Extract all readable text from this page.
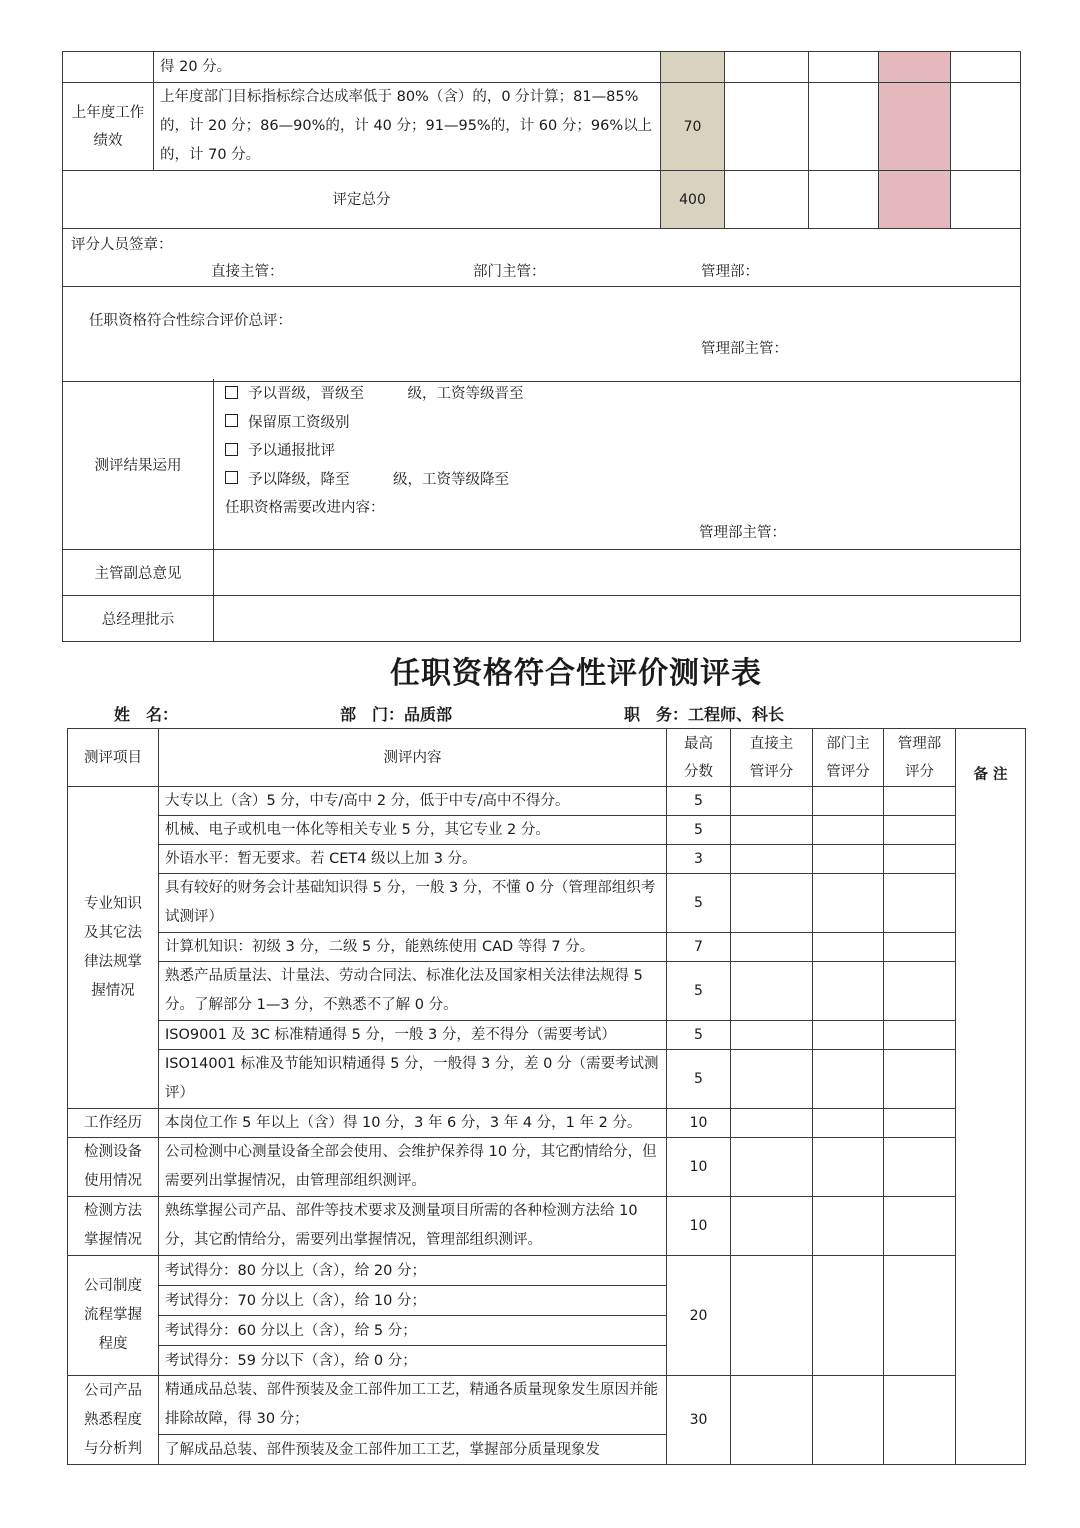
	得 20 分。					
上年度工作绩效	上年度部门目标指标综合达成率低于 80%（含）的，0 分计算；81—85%的，计 20 分；86—90%的，计 40 分；91—95%的，计 60 分；96%以上的，计 70 分。	70				
评定总分		400				

评分人员签章：
直接主管： 部门主管： 管理部：						

任职资格符合性综合评价总评：
管理部主管：						

测评结果运用
予以晋级，晋级至　　　级，工资等级晋至
保留原工资级别
予以通报批评
予以降级，降至　　　级，工资等级降至
任职资格需要改进内容：
管理部主管：
主管副总意见
总经理批示
任职资格符合性评价测评表
姓　名：	部　门：品质部	职　务：工程师、科长
测评项目	测评内容	最高分数	直接主管评分	部门主管评分	管理部评分	备 注

专业知识及其它法律法规掌握情况	大专以上（含）5 分，中专/高中 2 分，低于中专/高中不得分。	5				
	机械、电子或机电一体化等相关专业 5 分，其它专业 2 分。	5				
	外语水平：暂无要求。若 CET4 级以上加 3 分。	3				
	具有较好的财务会计基础知识得 5 分，一般 3 分，不懂 0 分（管理部组织考试测评）	5				
	计算机知识：初级 3 分，二级 5 分，能熟练使用 CAD 等得 7 分。	7				
	熟悉产品质量法、计量法、劳动合同法、标准化法及国家相关法律法规得 5 分。了解部分 1—3 分，不熟悉不了解 0 分。	5				
	ISO9001 及 3C 标准精通得 5 分，一般 3 分，差不得分（需要考试）	5				
	ISO14001 标准及节能知识精通得 5 分，一般得 3 分，差 0 分（需要考试测评）	5				

工作经历	本岗位工作 5 年以上（含）得 10 分，3 年 6 分，3 年 4 分，1 年 2 分。	10				
检测设备使用情况	公司检测中心测量设备全部会使用、会维护保养得 10 分，其它酌情给分，但需要列出掌握情况，由管理部组织测评。	10				
检测方法掌握情况	熟练掌握公司产品、部件等技术要求及测量项目所需的各种检测方法给 10 分，其它酌情给分，需要列出掌握情况，管理部组织测评。	10				
公司制度流程掌握程度	考试得分：80 分以上（含），给 20 分；	20				
	考试得分：70 分以上（含），给 10 分；					
	考试得分：60 分以上（含），给 5 分；					
	考试得分：59 分以下（含），给 0 分；					
公司产品熟悉程度与分析判	精通成品总装、部件预装及金工部件加工工艺，精通各质量现象发生原因并能排除故障，得 30 分；	30				
	了解成品总装、部件预装及金工部件加工工艺，掌握部分质量现象发					
